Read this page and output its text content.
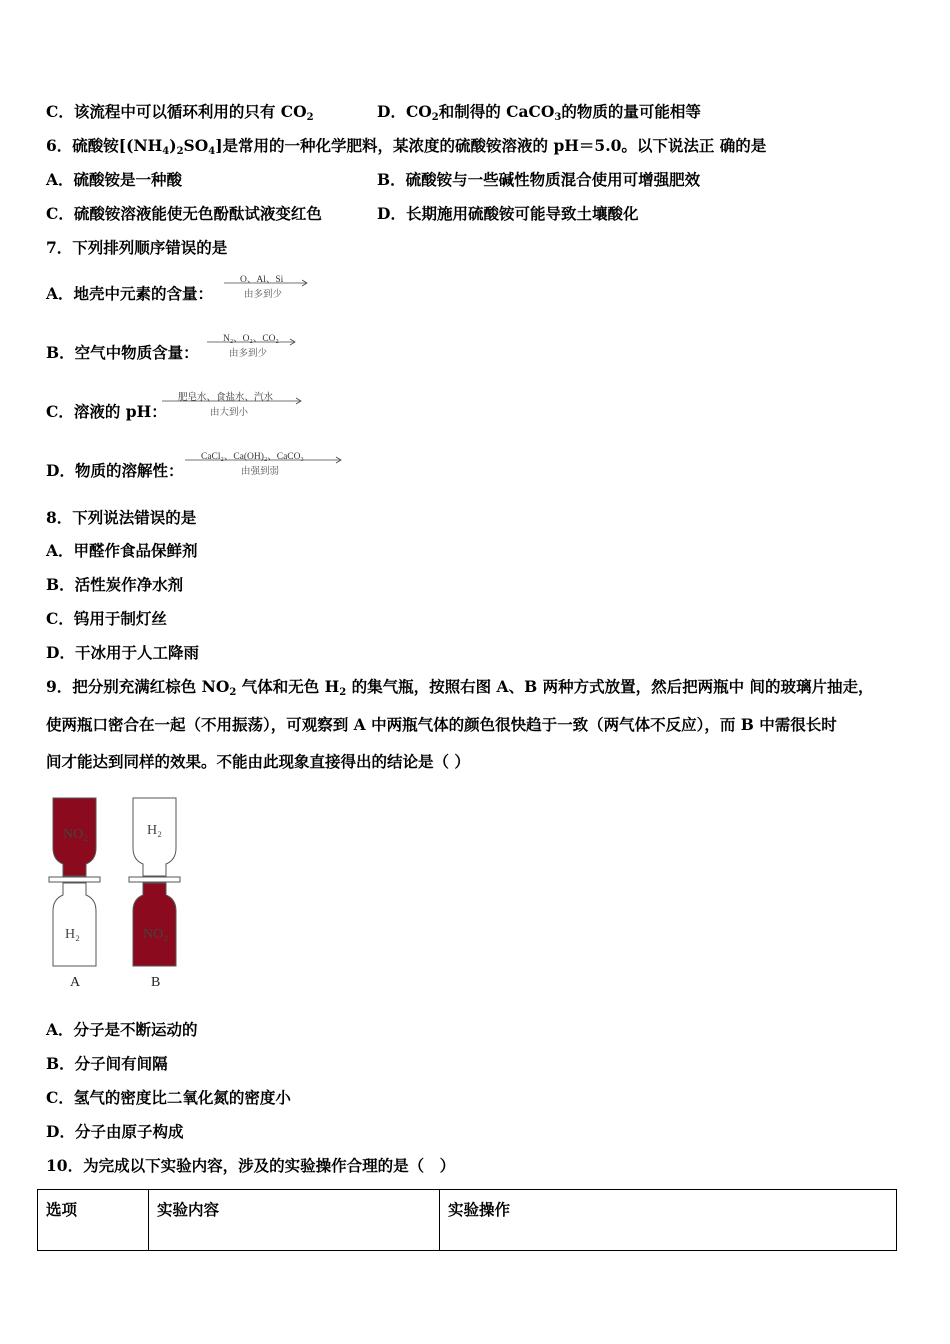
C．该流程中可以循环利用的只有 $CO_2$	D．$CO_2$和制得的 CaCO$_3$的物质的量可能相等
6．硫酸铵$[(NH_4)_2SO_4]$是常用的一种化学肥料，某浓度的硫酸铵溶液的 pH＝5.0。以下说法正 确的是
A．硫酸铵是一种酸	B．硫酸铵与一些碱性物质混合使用可增强肥效
C．硫酸铵溶液能使无色酚酞试液变红色	D．长期施用硫酸铵可能导致土壤酸化
7．下列排列顺序错误的是
A．地壳中元素的含量：
O、Al、Si
由多到少
B．空气中物质含量：
N₂、O₂、CO₂
由多到少
C．溶液的 pH：
肥皂水、食盐水、汽水
由大到小
D．物质的溶解性：
CaCl₂、Ca(OH)₂、CaCO₃
由强到弱
8．下列说法错误的是
A．甲醛作食品保鲜剂
B．活性炭作净水剂
C．钨用于制灯丝
D．干冰用于人工降雨
9．把分别充满红棕色 $NO_2$ 气体和无色 $H_2$ 的集气瓶，按照右图 A、B 两种方式放置，然后把两瓶中 间的玻璃片抽走，
使两瓶口密合在一起（不用振荡），可观察到 A 中两瓶气体的颜色很快趋于一致（两气体不反应），而 B 中需很长时
间才能达到同样的效果。不能由此现象直接得出的结论是（ ）
NO₂
H₂
A
H₂
NO₂
B
A．分子是不断运动的
B．分子间有间隔
C．氢气的密度比二氧化氮的密度小
D．分子由原子构成
10．为完成以下实验内容，涉及的实验操作合理的是（　）
选项	实验内容	实验操作
